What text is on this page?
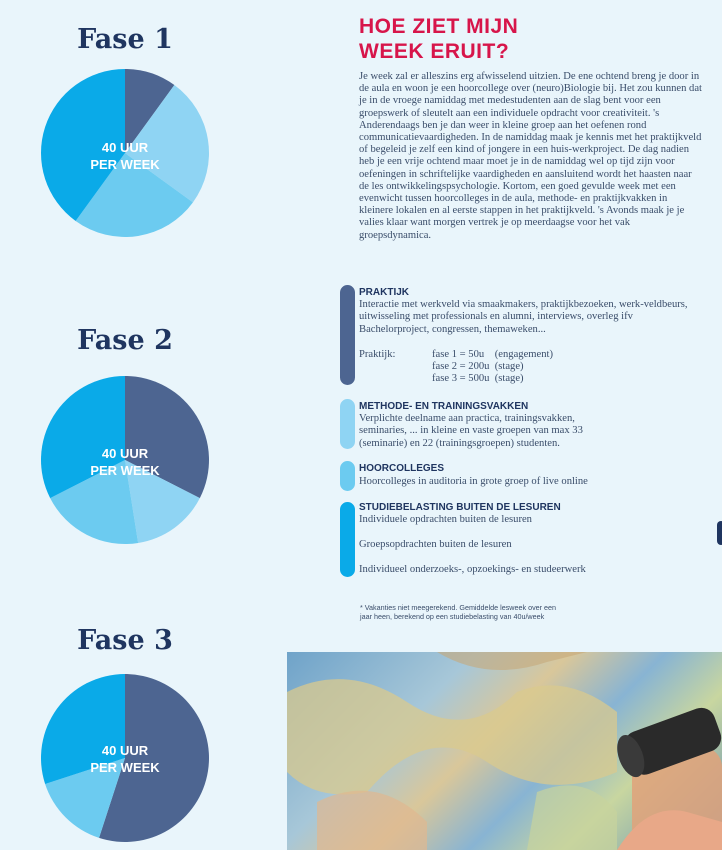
Fase 1
Fase 2
Fase 3
40 UUR
PER WEEK
40 UUR
PER WEEK
40 UUR
PER WEEK
HOE ZIET MIJN
WEEK ERUIT?

Je week zal er alleszins erg afwisselend uitzien. De ene ochtend breng je door in de aula en woon je een hoorcollege over (neuro)Biologie bij. Het zou kunnen dat je in de vroege namiddag met medestudenten aan de slag bent voor een groepswerk of sleutelt aan een individuele opdracht voor creativiteit. 's Anderendaags ben je dan weer in kleine groep aan het oefenen rond communicatievaardigheden. In de namiddag maak je kennis met het praktijkveld of begeleid je zelf een kind of jongere in een huis-werkproject. De dag nadien heb je een vrije ochtend maar moet je in de namiddag wel op tijd zijn voor oefeningen in schriftelijke vaardigheden en aansluitend wordt het haasten naar de les ontwikkelingspsychologie. Kortom, een goed gevulde week met een evenwicht tussen hoorcolleges in de aula, methode- en praktijkvakken in kleinere lokalen en al eerste stappen in het praktijkveld. 's Avonds maak je je valies klaar want morgen vertrek je op meerdaagse voor het vak groepsdynamica.

PRAKTIJK
Interactie met werkveld via smaakmakers, praktijkbezoeken, werk-veldbeurs, uitwisseling met professionals en alumni, interviews, overleg ifv Bachelorproject, congressen, themaweken...
Praktijk:	fase 1 = 50u    (engagement)
fase 2 = 200u  (stage)
fase 3 = 500u  (stage)
METHODE- EN TRAININGSVAKKEN
Verplichte deelname aan practica, trainingsvakken, seminaries, ... in kleine en vaste groepen van max 33 (seminarie) en 22 (trainingsgroepen) studenten.
HOORCOLLEGES
Hoorcolleges in auditoria in grote groep of live online
STUDIEBELASTING BUITEN DE LESUREN
Individuele opdrachten buiten de lesuren
Groepsopdrachten buiten de lesuren
Individueel onderzoeks-, opzoekings- en studeerwerk
* Vakanties niet meegerekend. Gemiddelde lesweek over een jaar heen, berekend op een studiebelasting van 40u/week
